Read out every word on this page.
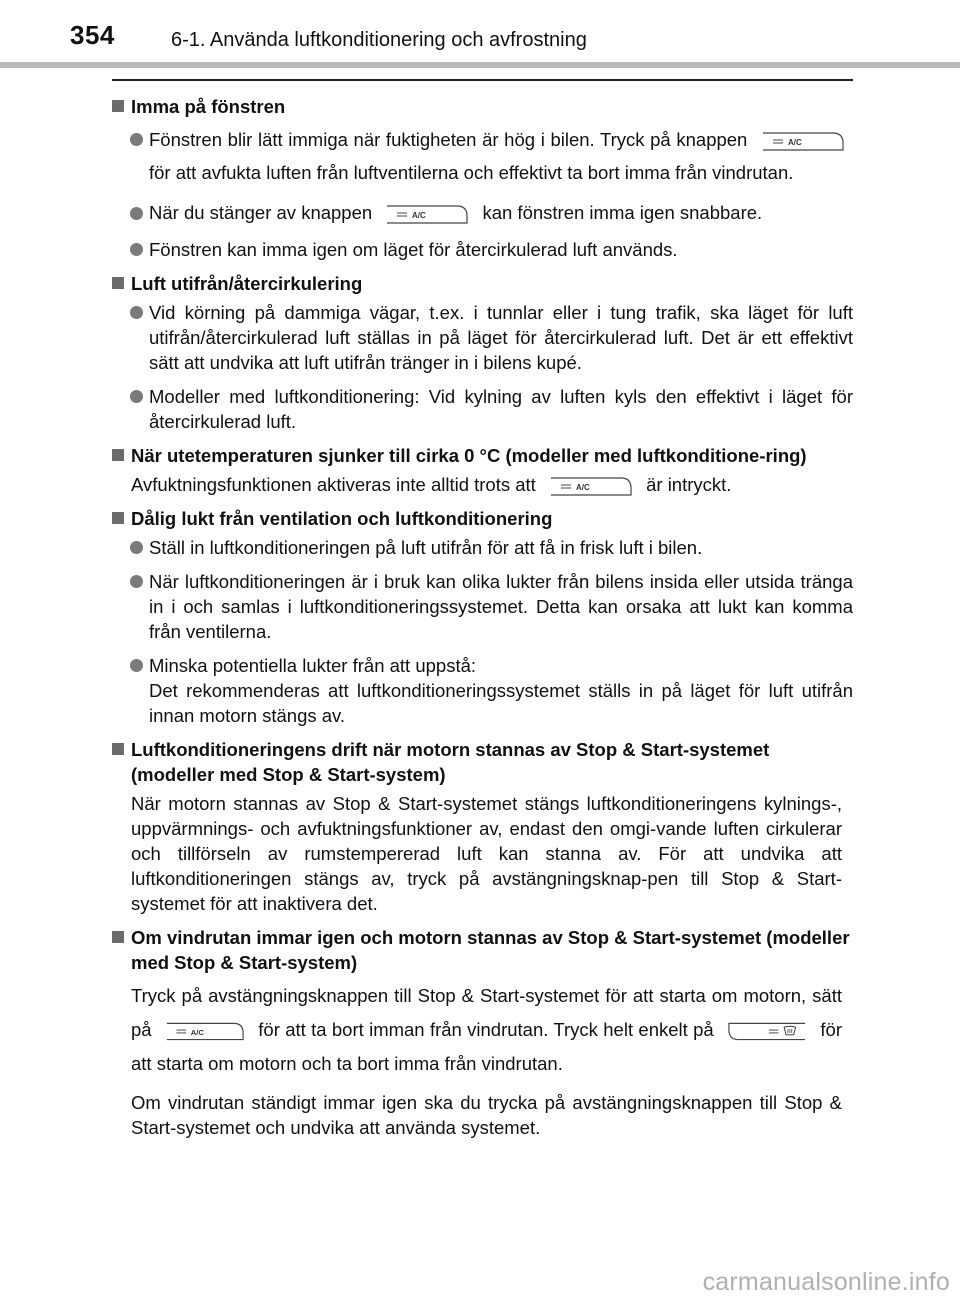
354	6-1. Använda luftkonditionering och avfrostning
Imma på fönstren
Fönstren blir lätt immiga när fuktigheten är hög i bilen. Tryck på knappen	A/C
för att avfukta luften från luftventilerna och effektivt ta bort imma från vindrutan.
När du stänger av knappen	A/C	kan fönstren imma igen snabbare.
Fönstren kan imma igen om läget för återcirkulerad luft används.
Luft utifrån/återcirkulering
Vid körning på dammiga vägar, t.ex. i tunnlar eller i tung trafik, ska läget för luft utifrån/återcirkulerad luft ställas in på läget för återcirkulerad luft. Det är ett effektivt sätt att undvika att luft utifrån tränger in i bilens kupé.
Modeller med luftkonditionering: Vid kylning av luften kyls den effektivt i läget för återcirkulerad luft.
När utetemperaturen sjunker till cirka 0 °C (modeller med luftkonditione-ring)
Avfuktningsfunktionen aktiveras inte alltid trots att	A/C	är intryckt.
Dålig lukt från ventilation och luftkonditionering
Ställ in luftkonditioneringen på luft utifrån för att få in frisk luft i bilen.
När luftkonditioneringen är i bruk kan olika lukter från bilens insida eller utsida tränga in i och samlas i luftkonditioneringssystemet. Detta kan orsaka att lukt kan komma från ventilerna.
Minska potentiella lukter från att uppstå:
Det rekommenderas att luftkonditioneringssystemet ställs in på läget för luft utifrån innan motorn stängs av.
Luftkonditioneringens drift när motorn stannas av Stop & Start-systemet (modeller med Stop & Start-system)
När motorn stannas av Stop & Start-systemet stängs luftkonditioneringens kylnings-, uppvärmnings- och avfuktningsfunktioner av, endast den omgi-vande luften cirkulerar och tillförseln av rumstempererad luft kan stanna av. För att undvika att luftkonditioneringen stängs av, tryck på avstängningsknap-pen till Stop & Start-systemet för att inaktivera det.
Om vindrutan immar igen och motorn stannas av Stop & Start-systemet (modeller med Stop & Start-system)
Tryck på avstängningsknappen till Stop & Start-systemet för att starta om motorn, sätt på	A/C	för att ta bort imman från vindrutan. Tryck helt enkelt på	för att starta om motorn och ta bort imma från vindrutan.
Om vindrutan ständigt immar igen ska du trycka på avstängningsknappen till Stop & Start-systemet och undvika att använda systemet.
carmanualsonline.info
